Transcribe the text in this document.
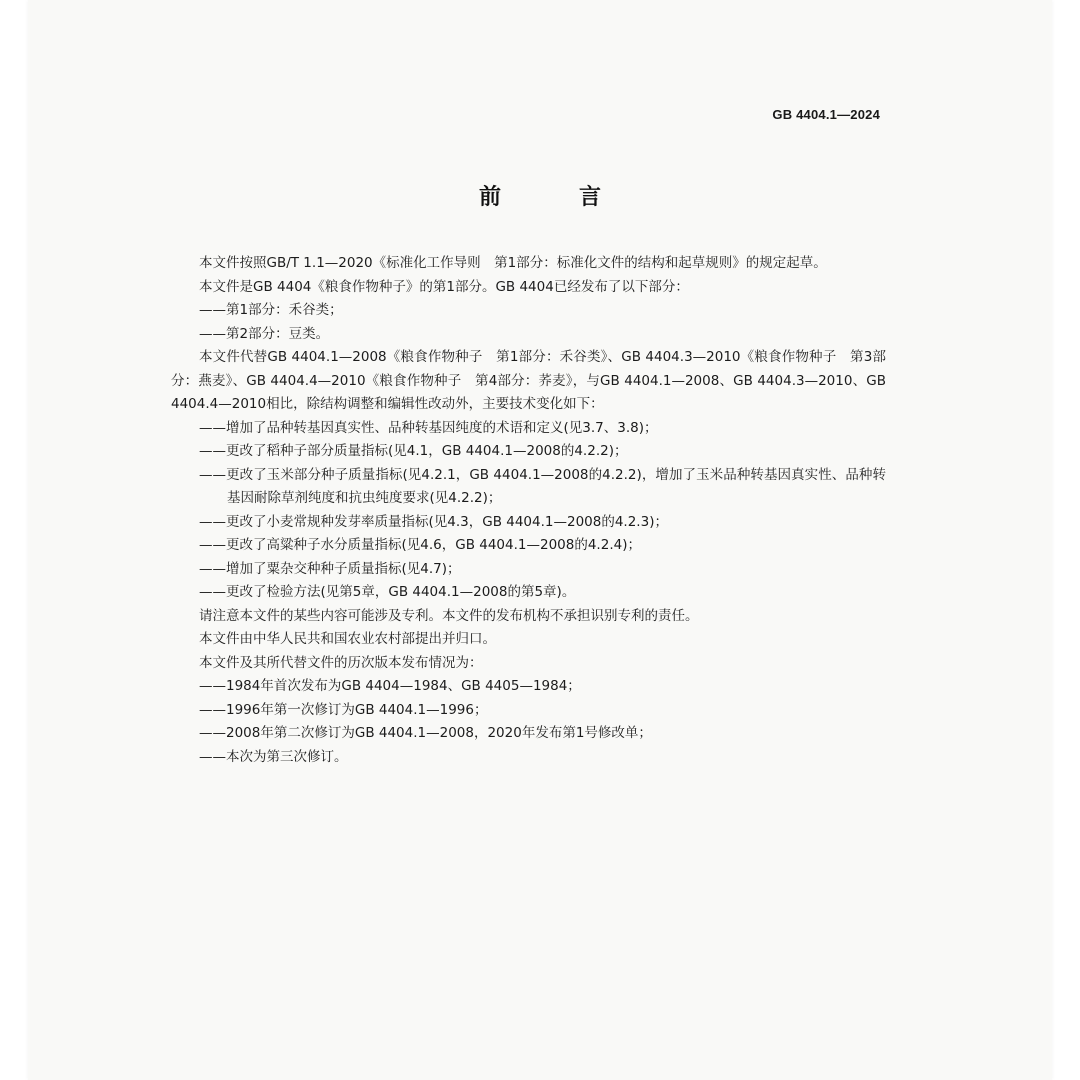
GB 4404.1—2024
前　言

本文件按照GB/T 1.1—2020《标准化工作导则　第1部分：标准化文件的结构和起草规则》的规定起草。

本文件是GB 4404《粮食作物种子》的第1部分。GB 4404已经发布了以下部分：

——第1部分：禾谷类；

——第2部分：豆类。

本文件代替GB 4404.1—2008《粮食作物种子　第1部分：禾谷类》、GB 4404.3—2010《粮食作物种子　第3部分：燕麦》、GB 4404.4—2010《粮食作物种子　第4部分：荞麦》，与GB 4404.1—2008、GB 4404.3—2010、GB 4404.4—2010相比，除结构调整和编辑性改动外，主要技术变化如下：

——增加了品种转基因真实性、品种转基因纯度的术语和定义(见3.7、3.8)；

——更改了稻种子部分质量指标(见4.1，GB 4404.1—2008的4.2.2)；

——更改了玉米部分种子质量指标(见4.2.1，GB 4404.1—2008的4.2.2)，增加了玉米品种转基因真实性、品种转基因耐除草剂纯度和抗虫纯度要求(见4.2.2)；

——更改了小麦常规种发芽率质量指标(见4.3，GB 4404.1—2008的4.2.3)；

——更改了高粱种子水分质量指标(见4.6，GB 4404.1—2008的4.2.4)；

——增加了粟杂交种种子质量指标(见4.7)；

——更改了检验方法(见第5章，GB 4404.1—2008的第5章)。

请注意本文件的某些内容可能涉及专利。本文件的发布机构不承担识别专利的责任。

本文件由中华人民共和国农业农村部提出并归口。

本文件及其所代替文件的历次版本发布情况为：

——1984年首次发布为GB 4404—1984、GB 4405—1984；

——1996年第一次修订为GB 4404.1—1996；

——2008年第二次修订为GB 4404.1—2008，2020年发布第1号修改单；

——本次为第三次修订。
